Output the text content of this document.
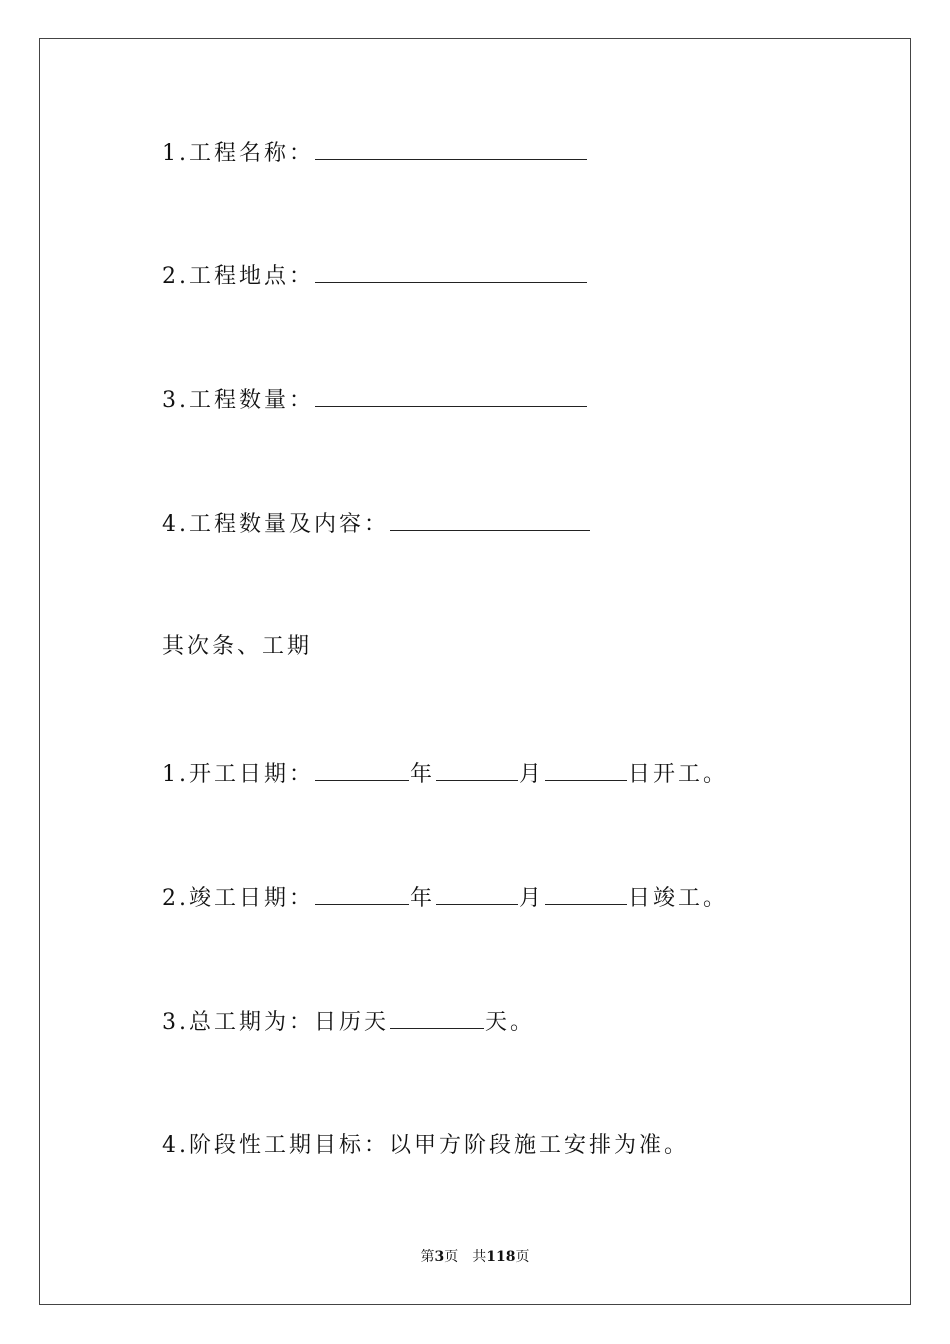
1.工程名称：
2.工程地点：
3.工程数量：
4.工程数量及内容：
其次条、工期
1.开工日期：	年	月	日开工。
2.竣工日期：	年	月	日竣工。
3.总工期为：日历天	天。
4.阶段性工期目标：以甲方阶段施工安排为准。
第3页 共118页
